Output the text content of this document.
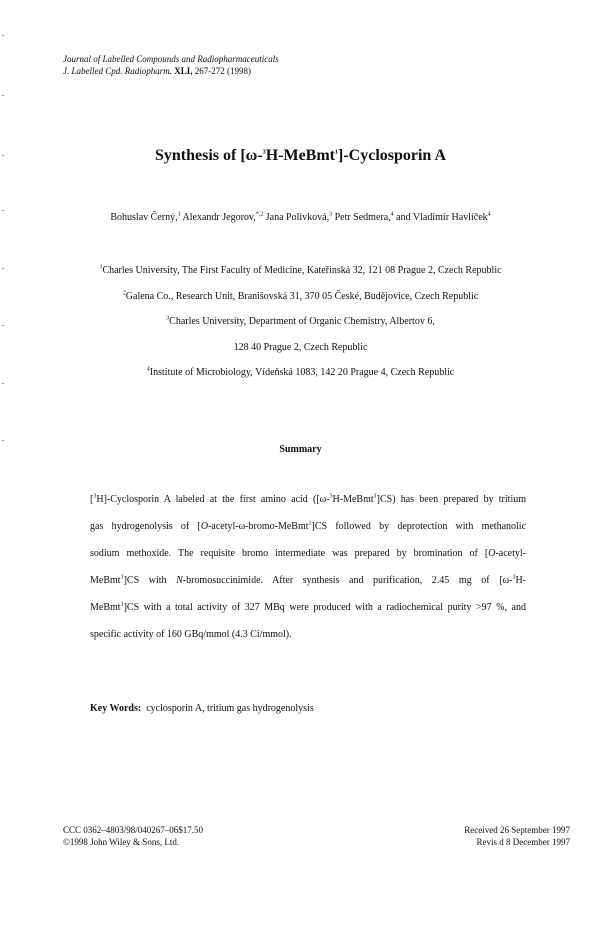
Journal of Labelled Compounds and Radiopharmaceuticals
J. Labelled Cpd. Radiopharm. XLI, 267-272 (1998)
Synthesis of [ω-$^3$H-MeBmt$^1$]-Cyclosporin A
Bohuslav Černý,$^1$ Alexandr Jegorov,$^{*,2}$ Jana Polívková,$^3$ Petr Sedmera,$^4$ and Vladimír Havlíček$^4$
$^1$Charles University, The First Faculty of Medicine, Kateřinská 32, 121 08 Prague 2, Czech Republic
$^2$Galena Co., Research Unit, Branišovská 31, 370 05 České, Budějovice, Czech Republic
$^3$Charles University, Department of Organic Chemistry, Albertov 6,
128 40 Prague 2, Czech Republic
$^4$Institute of Microbiology, Vídeňská 1083, 142 20 Prague 4, Czech Republic
Summary
[$^3$H]-Cyclosporin A labeled at the first amino acid ([ω-$^3$H-MeBmt$^1$]CS) has been prepared by tritium
gas hydrogenolysis of [O-acetyl-ω-bromo-MeBmt$^1$]CS followed by deprotection with methanolic
sodium methoxide. The requisite bromo intermediate was prepared by bromination of [O-acetyl-
MeBmt$^1$]CS with N-bromosuccinimide. After synthesis and purification, 2.45 mg of [ω-$^3$H-
MeBmt$^1$]CS with a total activity of 327 MBq were produced with a radiochemical purity >97 %, and
specific activity of 160 GBq/mmol (4.3 Ci/mmol).
Key Words: cyclosporin A, tritium gas hydrogenolysis
CCC 0362–4803/98/040267–06$17.50
©1998 John Wiley & Sons, Ltd.
Received 26 September 1997
Revis d 8 December 1997
